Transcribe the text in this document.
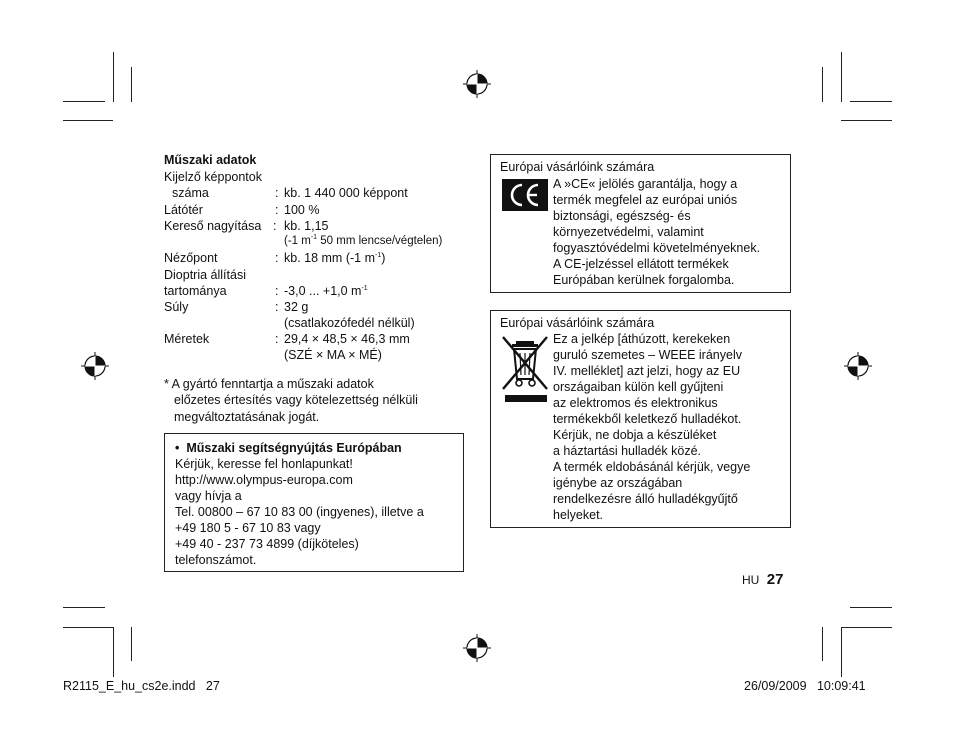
Műszaki adatok
Kijelző képpontok
száma	: kb. 1 440 000 képpont
Látótér	: 100 %
Kereső nagyítása : kb. 1,15
(-1 $m^{-1}$ 50 mm lencse/végtelen)
Nézőpont	: kb. 18 mm (-1 $m^{-1}$)
Dioptria állítási
tartománya	: -3,0 ... +1,0 $m^{-1}$
Súly	: 32 g
(csatlakozófedél nélkül)
Méretek	: 29,4 × 48,5 × 46,3 mm
(SZÉ × MA × MÉ)
* A gyártó fenntartja a műszaki adatok
előzetes értesítés vagy kötelezettség nélküli
megváltoztatásának jogát.
• Műszaki segítségnyújtás Európában
Kérjük, keresse fel honlapunkat!
http://www.olympus-europa.com
vagy hívja a
Tel. 00800 – 67 10 83 00 (ingyenes), illetve a
+49 180 5 - 67 10 83 vagy
+49 40 - 237 73 4899 (díjköteles)
telefonszámot.
Európai vásárlóink számára
A »CE« jelölés garantálja, hogy a
termék megfelel az európai uniós
biztonsági, egészség- és
környezetvédelmi, valamint
fogyasztóvédelmi követelményeknek.
A CE-jelzéssel ellátott termékek
Európában kerülnek forgalomba.
Európai vásárlóink számára
Ez a jelkép [áthúzott, kerekeken
guruló szemetes – WEEE irányelv
IV. melléklet] azt jelzi, hogy az EU
országaiban külön kell gyűjteni
az elektromos és elektronikus
termékekből keletkező hulladékot.
Kérjük, ne dobja a készüléket
a háztartási hulladék közé.
A termék eldobásánál kérjük, vegye
igénybe az országában
rendelkezésre álló hulladékgyűjtő
helyeket.
HU 27
R2115_E_hu_cs2e.indd   27	26/09/2009   10:09:41
